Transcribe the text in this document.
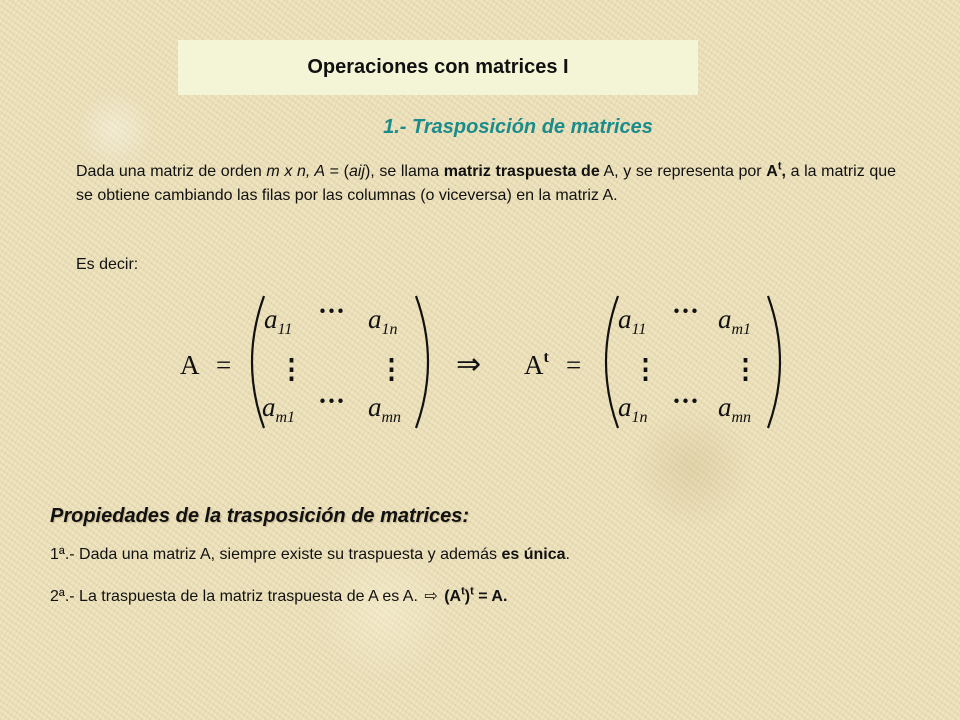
Operaciones con matrices I
1.- Trasposición de matrices
Dada una matriz de orden m x n, A = (aij), se llama matriz traspuesta de A, y se representa por $A^t$, a la matriz que se obtiene cambiando las filas por las columnas (o viceversa) en la matriz A.
Es decir:
A =
$a_{11}$
··· $a_{1n}$
⋮	⋮
$a_{m1}$
··· $a_{mn}$
⇒ $A^t$ =
$a_{11}$
··· $a_{m1}$
⋮	⋮
$a_{1n}$
··· $a_{mn}$
Propiedades de la trasposición de matrices:
1ª.- Dada una matriz A, siempre existe su traspuesta y además es única.
2ª.- La traspuesta de la matriz traspuesta de A es A. ⇨ $(A^t)^t = A$.
